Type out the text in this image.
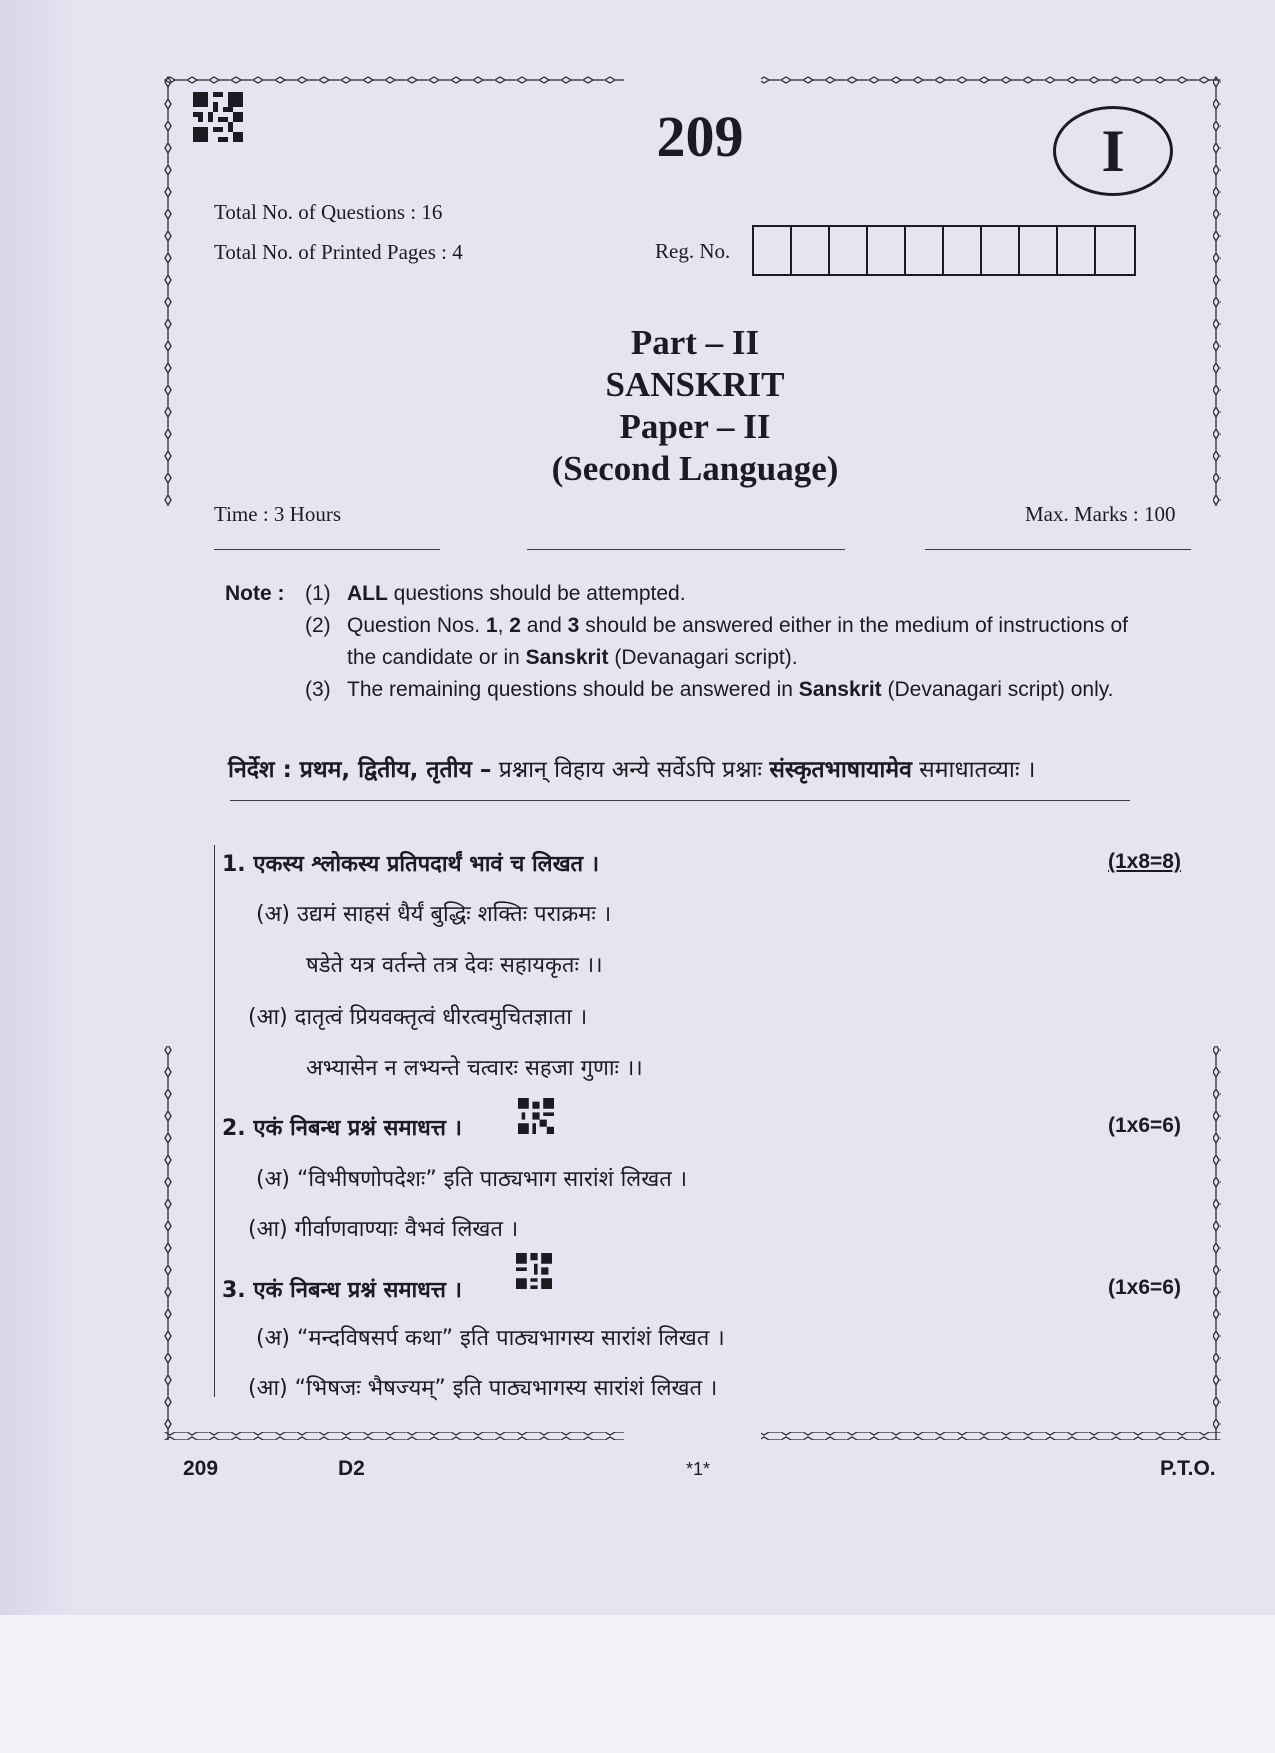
209	I
Total No. of Questions : 16
Total No. of Printed Pages : 4	Reg. No.
Part – II
SANSKRIT
Paper – II
(Second Language)
Time : 3 Hours	Max. Marks : 100
Note : (1) ALL questions should be attempted.
(2) Question Nos. 1, 2 and 3 should be answered either in the medium of instructions of the candidate or in Sanskrit (Devanagari script).
(3) The remaining questions should be answered in Sanskrit (Devanagari script) only.
निर्देश : प्रथम, द्वितीय, तृतीय – प्रश्नान् विहाय अन्ये सर्वेऽपि प्रश्नाः संस्कृतभाषायामेव समाधातव्याः ।
1. एकस्य श्लोकस्य प्रतिपदार्थं भावं च लिखत ।	(1x8=8)
(अ) उद्यमं साहसं धैर्यं बुद्धिः शक्तिः पराक्रमः ।
षडेते यत्र वर्तन्ते तत्र देवः सहायकृतः ।।
(आ) दातृत्वं प्रियवक्तृत्वं धीरत्वमुचितज्ञाता ।
अभ्यासेन न लभ्यन्ते चत्वारः सहजा गुणाः ।।
2. एकं निबन्ध प्रश्नं समाधत्त ।	(1x6=6)
(अ) “विभीषणोपदेशः” इति पाठ्यभाग सारांशं लिखत ।
(आ) गीर्वाणवाण्याः वैभवं लिखत ।
3. एकं निबन्ध प्रश्नं समाधत्त ।	(1x6=6)
(अ) “मन्दविषसर्प कथा” इति पाठ्यभागस्य सारांशं लिखत ।
(आ) “भिषजः भैषज्यम्” इति पाठ्यभागस्य सारांशं लिखत ।
209	D2	*1*	P.T.O.
